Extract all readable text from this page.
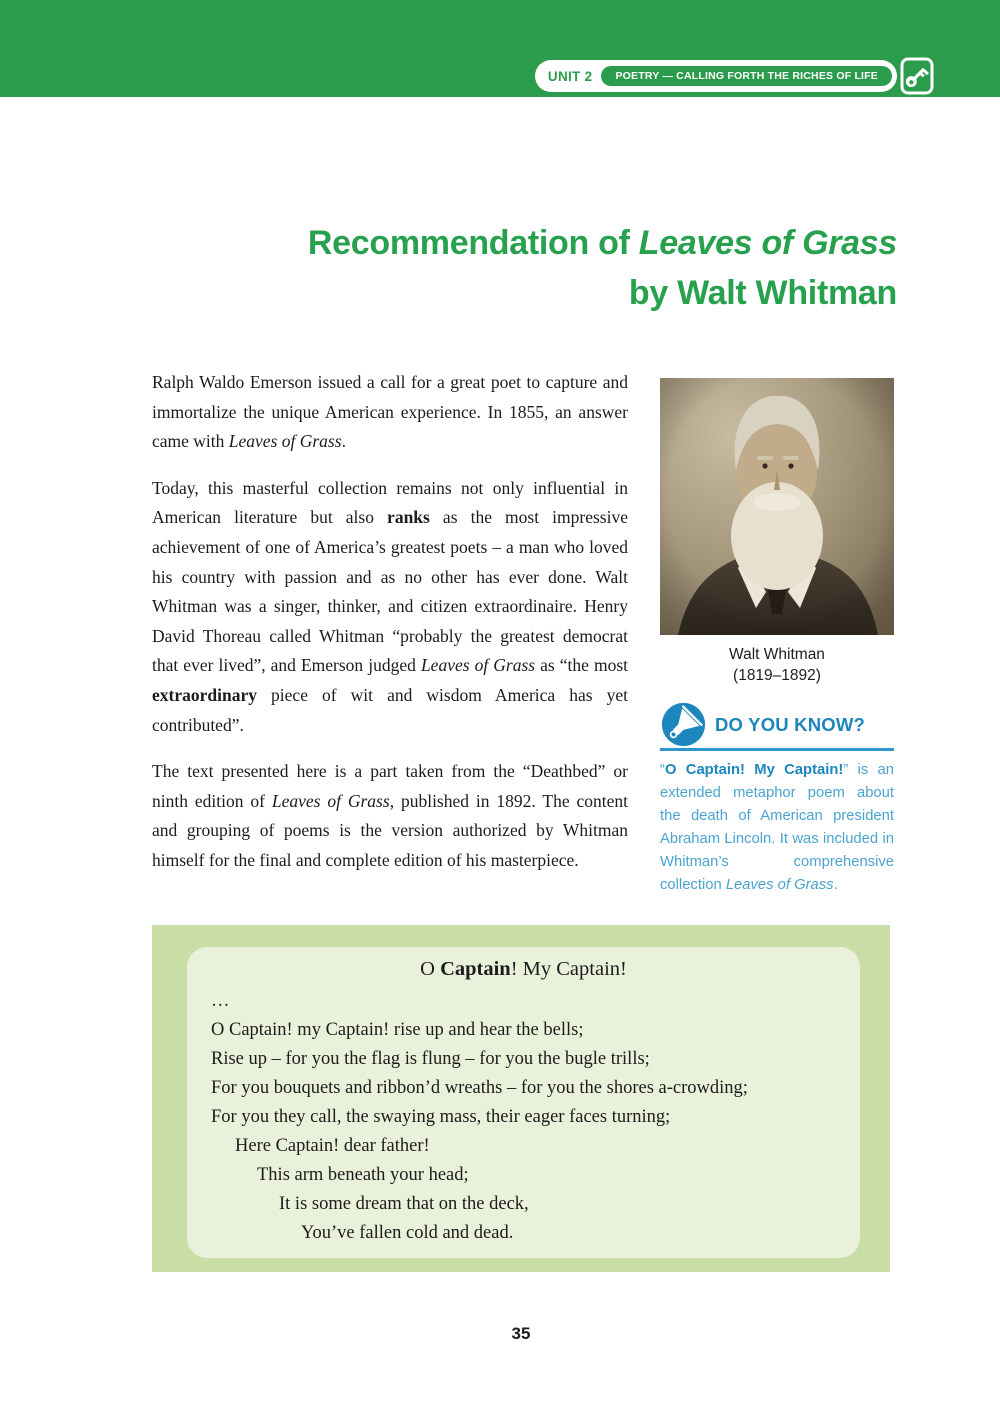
UNIT 2	POETRY — CALLING FORTH THE RICHES OF LIFE
Recommendation of Leaves of Grass
by Walt Whitman

Ralph Waldo Emerson issued a call for a great poet to capture and immortalize the unique American experience. In 1855, an answer came with Leaves of Grass.

Today, this masterful collection remains not only influential in American literature but also ranks as the most impressive achievement of one of America’s greatest poets – a man who loved his country with passion and as no other has ever done. Walt Whitman was a singer, thinker, and citizen extraordinaire. Henry David Thoreau called Whitman “probably the greatest democrat that ever lived”, and Emerson judged Leaves of Grass as “the most extraordinary piece of wit and wisdom America has yet contributed”.

The text presented here is a part taken from the “Deathbed” or ninth edition of Leaves of Grass, published in 1892. The content and grouping of poems is the version authorized by Whitman himself for the final and complete edition of his masterpiece.

Walt Whitman
(1819–1892)
DO YOU KNOW?
“O Captain! My Captain!” is an extended metaphor poem about the death of American president Abraham Lincoln. It was included in Whitman’s comprehensive collection Leaves of Grass.
O Captain! My Captain!
…
O Captain! my Captain! rise up and hear the bells;
Rise up – for you the flag is flung – for you the bugle trills;
For you bouquets and ribbon’d wreaths – for you the shores a-crowding;
For you they call, the swaying mass, their eager faces turning;
Here Captain! dear father!
This arm beneath your head;
It is some dream that on the deck,
You’ve fallen cold and dead.
35
